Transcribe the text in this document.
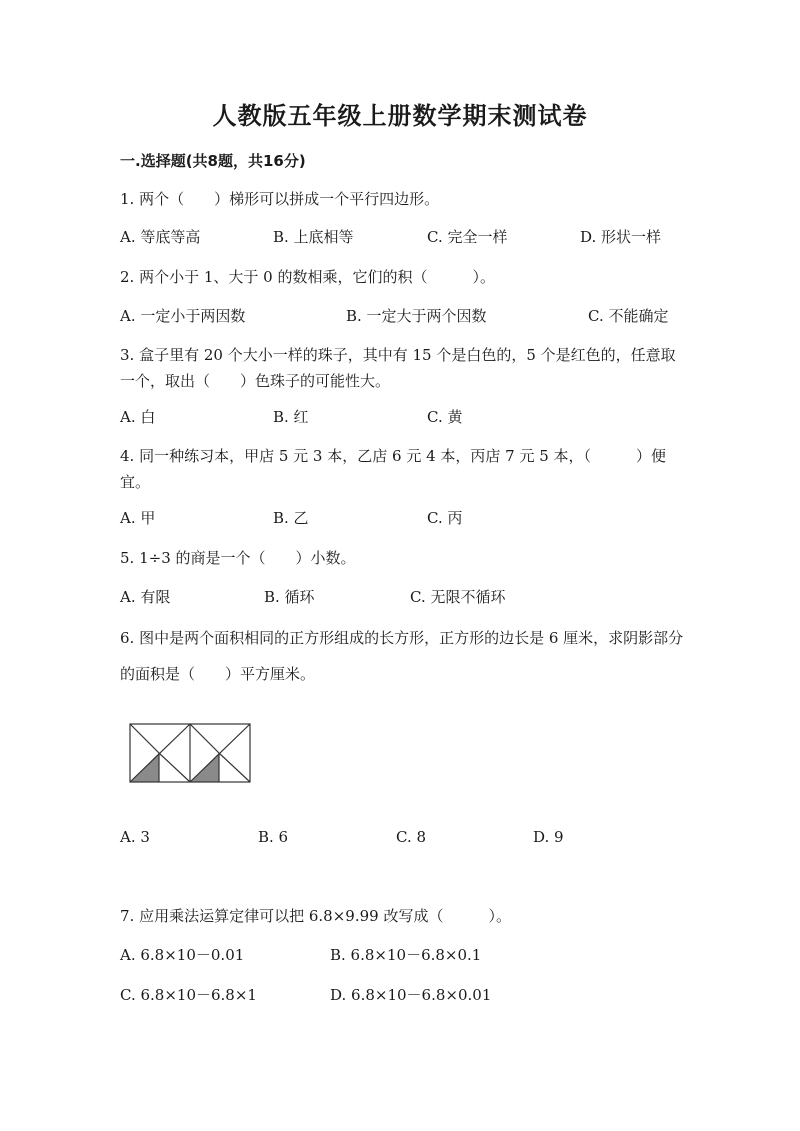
人教版五年级上册数学期末测试卷
一.选择题(共8题，共16分)
1. 两个（　　）梯形可以拼成一个平行四边形。
A. 等底等高	B. 上底相等	C. 完全一样	D. 形状一样
2. 两个小于 1、大于 0 的数相乘，它们的积（　　　）。
A. 一定小于两因数	B. 一定大于两个因数	C. 不能确定
3. 盒子里有 20 个大小一样的珠子，其中有 15 个是白色的，5 个是红色的，任意取一个，取出（　　）色珠子的可能性大。
A. 白	B. 红	C. 黄
4. 同一种练习本，甲店 5 元 3 本，乙店 6 元 4 本，丙店 7 元 5 本，（　　　）便宜。
A. 甲	B. 乙	C. 丙
5. 1÷3 的商是一个（　　）小数。
A. 有限	B. 循环	C. 无限不循环
6. 图中是两个面积相同的正方形组成的长方形，正方形的边长是 6 厘米，求阴影部分的面积是（　　）平方厘米。
A. 3	B. 6	C. 8	D. 9
7. 应用乘法运算定律可以把 6.8×9.99 改写成（　　　）。
A. 6.8×10－0.01	B. 6.8×10－6.8×0.1
C. 6.8×10－6.8×1	D. 6.8×10－6.8×0.01
